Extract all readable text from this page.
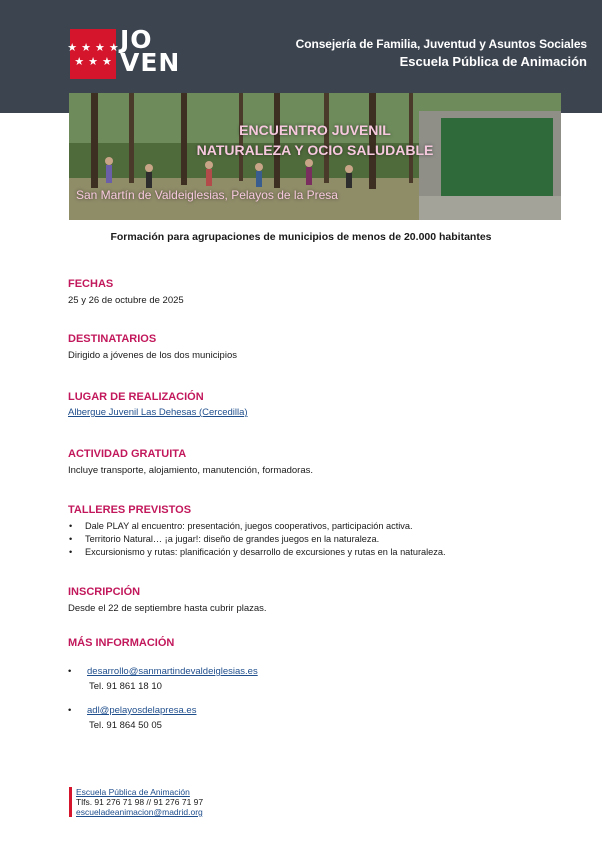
★ ★ ★ ★
★ ★ ★
JO
VEN
Consejería de Familia, Juventud y Asuntos Sociales
Escuela Pública de Animación
ENCUENTRO JUVENIL
NATURALEZA Y OCIO SALUDABLE
San Martín de Valdeiglesias, Pelayos de la Presa
Formación para agrupaciones de municipios de menos de 20.000 habitantes
FECHAS
25 y 26 de octubre de 2025
DESTINATARIOS
Dirigido a jóvenes de los dos municipios
LUGAR DE REALIZACIÓN
Albergue Juvenil Las Dehesas (Cercedilla)
ACTIVIDAD GRATUITA
Incluye transporte, alojamiento, manutención, formadoras.
TALLERES PREVISTOS
• Dale PLAY al encuentro: presentación, juegos cooperativos, participación activa.
• Territorio Natural… ¡a jugar!: diseño de grandes juegos en la naturaleza.
• Excursionismo y rutas: planificación y desarrollo de excursiones y rutas en la naturaleza.
INSCRIPCIÓN
Desde el 22 de septiembre hasta cubrir plazas.
MÁS INFORMACIÓN
• desarrollo@sanmartindevaldeiglesias.es
Tel. 91 861 18 10
• adl@pelayosdelapresa.es
Tel. 91 864 50 05
Escuela Pública de Animación
Tlfs. 91 276 71 98 // 91 276 71 97
escueladeanimacion@madrid.org
